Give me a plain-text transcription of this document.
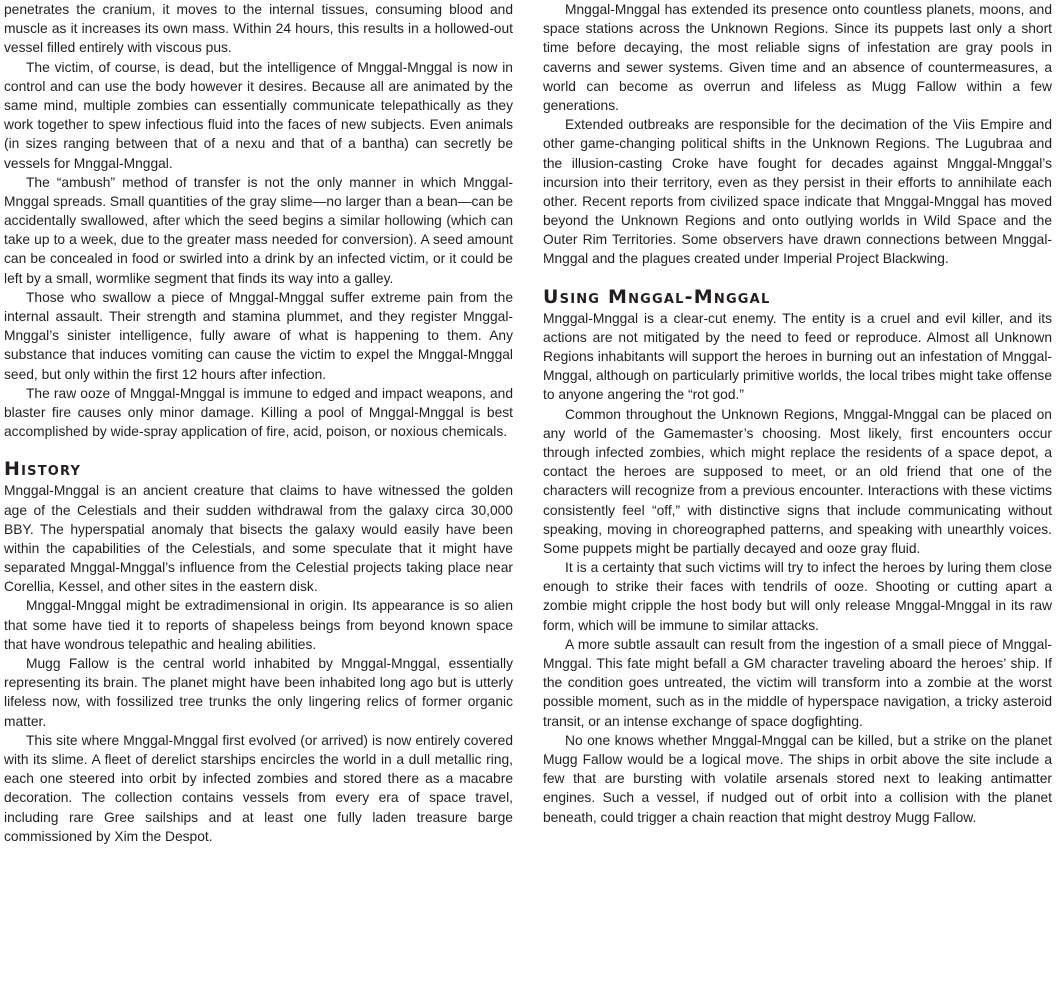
penetrates the cranium, it moves to the internal tissues, consuming blood and muscle as it increases its own mass. Within 24 hours, this results in a hollowed-out vessel filled entirely with viscous pus.

The victim, of course, is dead, but the intelligence of Mnggal-Mnggal is now in control and can use the body however it desires. Because all are animated by the same mind, multiple zombies can essentially communicate telepathically as they work together to spew infectious fluid into the faces of new subjects. Even animals (in sizes ranging between that of a nexu and that of a bantha) can secretly be vessels for Mnggal-Mnggal.

The “ambush” method of transfer is not the only manner in which Mnggal-Mnggal spreads. Small quantities of the gray slime—no larger than a bean—can be accidentally swallowed, after which the seed begins a similar hollowing (which can take up to a week, due to the greater mass needed for conversion). A seed amount can be concealed in food or swirled into a drink by an infected victim, or it could be left by a small, wormlike segment that finds its way into a galley.

Those who swallow a piece of Mnggal-Mnggal suffer extreme pain from the internal assault. Their strength and stamina plummet, and they register Mnggal-Mnggal’s sinister intelligence, fully aware of what is happening to them. Any substance that induces vomiting can cause the victim to expel the Mnggal-Mnggal seed, but only within the first 12 hours after infection.

The raw ooze of Mnggal-Mnggal is immune to edged and impact weapons, and blaster fire causes only minor damage. Killing a pool of Mnggal-Mnggal is best accomplished by wide-spray application of fire, acid, poison, or noxious chemicals.

History

Mnggal-Mnggal is an ancient creature that claims to have witnessed the golden age of the Celestials and their sudden withdrawal from the galaxy circa 30,000 BBY. The hyperspatial anomaly that bisects the galaxy would easily have been within the capabilities of the Celestials, and some speculate that it might have separated Mnggal-Mnggal’s influence from the Celestial projects taking place near Corellia, Kessel, and other sites in the eastern disk.

Mnggal-Mnggal might be extradimensional in origin. Its appearance is so alien that some have tied it to reports of shapeless beings from beyond known space that have wondrous telepathic and healing abilities.

Mugg Fallow is the central world inhabited by Mnggal-Mnggal, essentially representing its brain. The planet might have been inhabited long ago but is utterly lifeless now, with fossilized tree trunks the only lingering relics of former organic matter.

This site where Mnggal-Mnggal first evolved (or arrived) is now entirely covered with its slime. A fleet of derelict starships encircles the world in a dull metallic ring, each one steered into orbit by infected zombies and stored there as a macabre decoration. The collection contains vessels from every era of space travel, including rare Gree sailships and at least one fully laden treasure barge commissioned by Xim the Despot.

Mnggal-Mnggal has extended its presence onto countless planets, moons, and space stations across the Unknown Regions. Since its puppets last only a short time before decaying, the most reliable signs of infestation are gray pools in caverns and sewer systems. Given time and an absence of countermeasures, a world can become as overrun and lifeless as Mugg Fallow within a few generations.

Extended outbreaks are responsible for the decimation of the Viis Empire and other game-changing political shifts in the Unknown Regions. The Lugubraa and the illusion-casting Croke have fought for decades against Mnggal-Mnggal’s incursion into their territory, even as they persist in their efforts to annihilate each other. Recent reports from civilized space indicate that Mnggal-Mnggal has moved beyond the Unknown Regions and onto outlying worlds in Wild Space and the Outer Rim Territories. Some observers have drawn connections between Mnggal-Mnggal and the plagues created under Imperial Project Blackwing.

Using Mnggal-Mnggal

Mnggal-Mnggal is a clear-cut enemy. The entity is a cruel and evil killer, and its actions are not mitigated by the need to feed or reproduce. Almost all Unknown Regions inhabitants will support the heroes in burning out an infestation of Mnggal-Mnggal, although on particularly primitive worlds, the local tribes might take offense to anyone angering the “rot god.”

Common throughout the Unknown Regions, Mnggal-Mnggal can be placed on any world of the Gamemaster’s choosing. Most likely, first encounters occur through infected zombies, which might replace the residents of a space depot, a contact the heroes are supposed to meet, or an old friend that one of the characters will recognize from a previous encounter. Interactions with these victims consistently feel “off,” with distinctive signs that include communicating without speaking, moving in choreographed patterns, and speaking with unearthly voices. Some puppets might be partially decayed and ooze gray fluid.

It is a certainty that such victims will try to infect the heroes by luring them close enough to strike their faces with tendrils of ooze. Shooting or cutting apart a zombie might cripple the host body but will only release Mnggal-Mnggal in its raw form, which will be immune to similar attacks.

A more subtle assault can result from the ingestion of a small piece of Mnggal-Mnggal. This fate might befall a GM character traveling aboard the heroes’ ship. If the condition goes untreated, the victim will transform into a zombie at the worst possible moment, such as in the middle of hyperspace navigation, a tricky asteroid transit, or an intense exchange of space dogfighting.

No one knows whether Mnggal-Mnggal can be killed, but a strike on the planet Mugg Fallow would be a logical move. The ships in orbit above the site include a few that are bursting with volatile arsenals stored next to leaking antimatter engines. Such a vessel, if nudged out of orbit into a collision with the planet beneath, could trigger a chain reaction that might destroy Mugg Fallow.
